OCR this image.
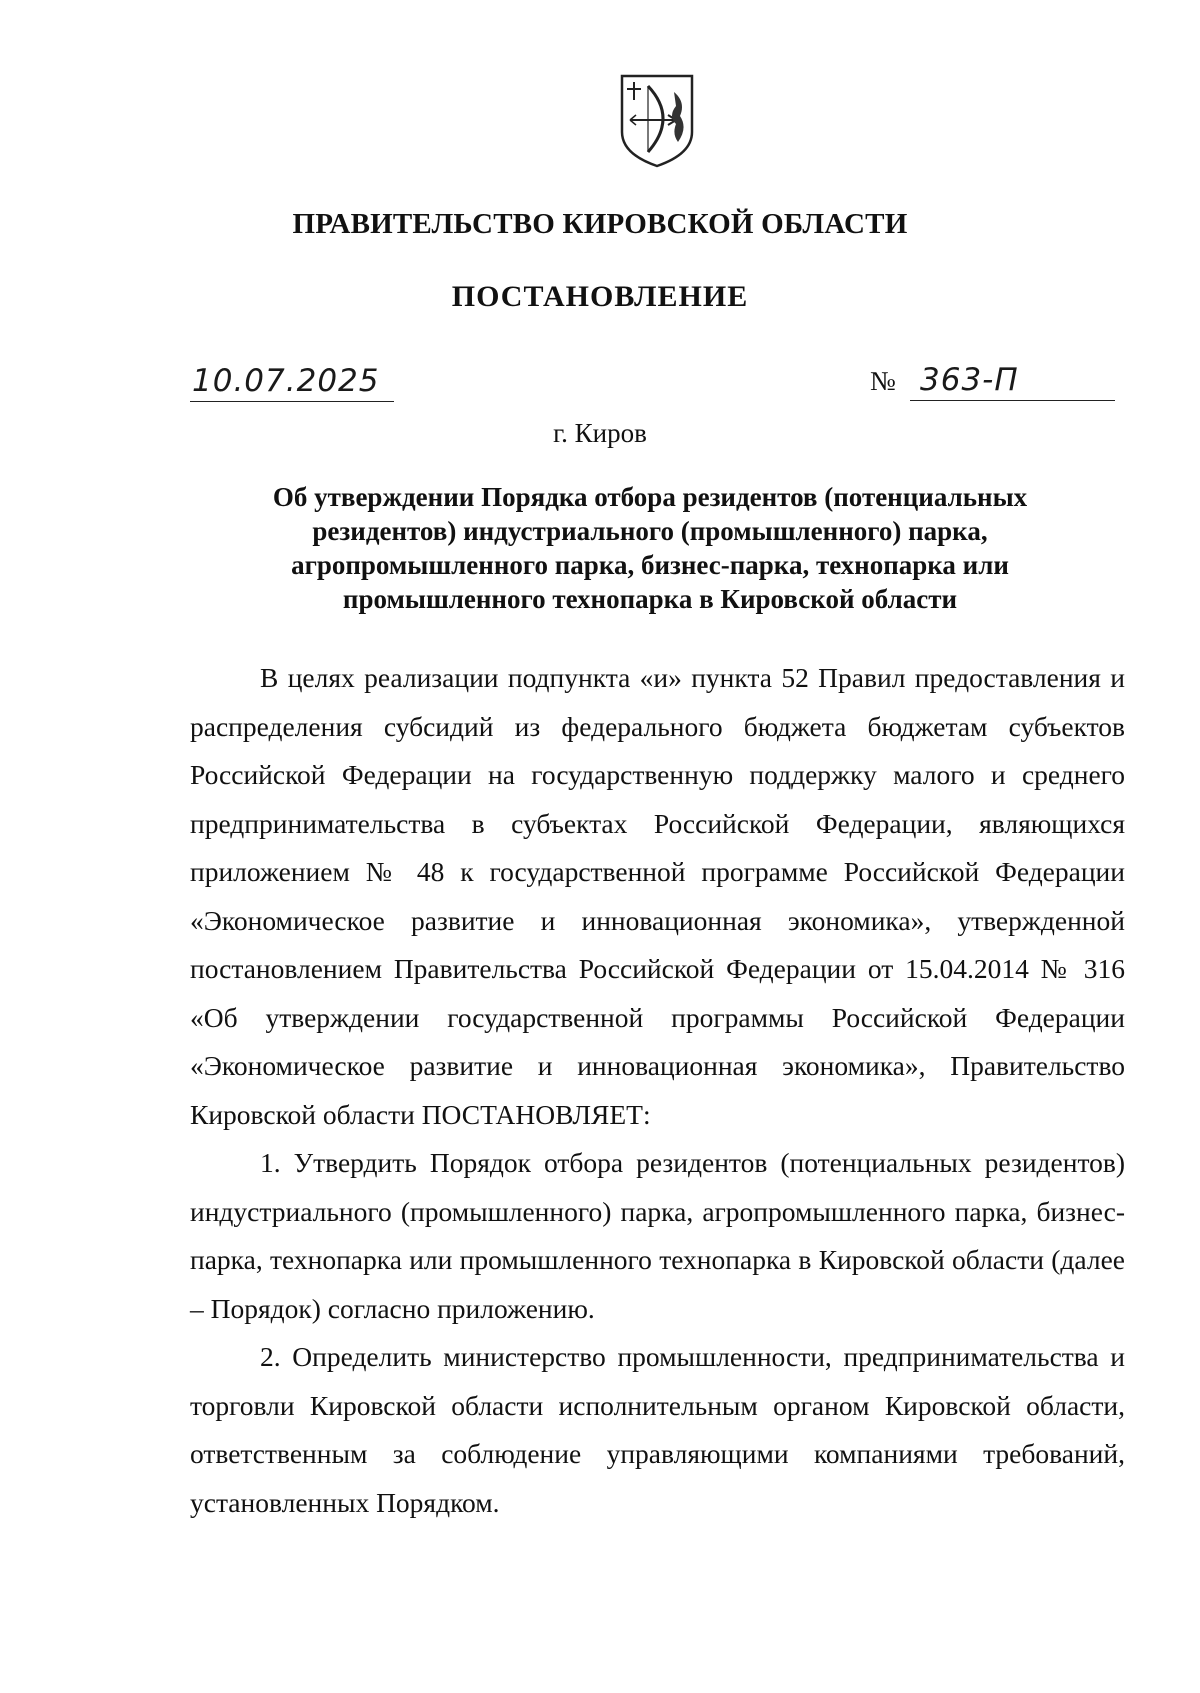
ПРАВИТЕЛЬСТВО КИРОВСКОЙ ОБЛАСТИ
ПОСТАНОВЛЕНИЕ
10.07.2025	№ 363-П
г. Киров
Об утверждении Порядка отбора резидентов (потенциальных резидентов) индустриального (промышленного) парка, агропромышленного парка, бизнес-парка, технопарка или промышленного технопарка в Кировской области

В целях реализации подпункта «и» пункта 52 Правил предоставления и распределения субсидий из федерального бюджета бюджетам субъектов Российской Федерации на государственную поддержку малого и среднего предпринимательства в субъектах Российской Федерации, являющихся приложением № 48 к государственной программе Российской Федерации «Экономическое развитие и инновационная экономика», утвержденной постановлением Правительства Российской Федерации от 15.04.2014 № 316 «Об утверждении государственной программы Российской Федерации «Экономическое развитие и инновационная экономика», Правительство Кировской области ПОСТАНОВЛЯЕТ:

1. Утвердить Порядок отбора резидентов (потенциальных резидентов) индустриального (промышленного) парка, агропромышленного парка, бизнес-парка, технопарка или промышленного технопарка в Кировской области (далее – Порядок) согласно приложению.

2. Определить министерство промышленности, предпринимательства и торговли Кировской области исполнительным органом Кировской области, ответственным за соблюдение управляющими компаниями требований, установленных Порядком.
